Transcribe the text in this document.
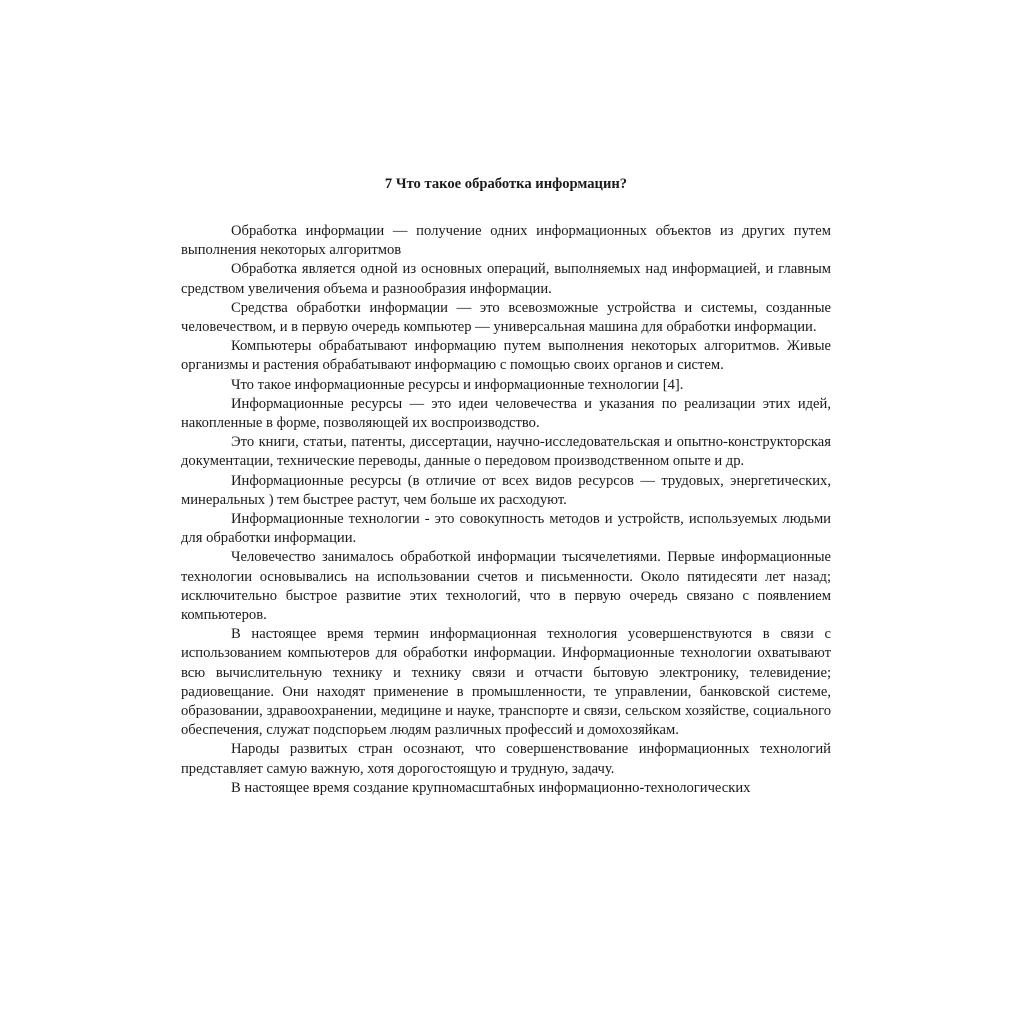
7 Что такое обработка информацин?

Обработка информации — получение одних информационных объектов из других путем выполнения некоторых алгоритмов

Обработка является одной из основных операций, выполняемых над информацией, и главным средством увеличения объема и разнообразия информации.

Средства обработки информации — это всевозможные устройства и системы, созданные человечеством, и в первую очередь компьютер — универсальная машина для обработки информации.

Компьютеры обрабатывают информацию путем выполнения некоторых алгоритмов. Живые организмы и растения обрабатывают информацию с помощью своих органов и систем.

Что такое информационные ресурсы и информационные технологии [4].

Информационные ресурсы — это идеи человечества и указания по реализации этих идей, накопленные в форме, позволяющей их воспроизводство.

Это книги, статьи, патенты, диссертации, научно-исследовательская и опытно-конструкторская документации, технические переводы, данные о передовом производственном опыте и др.

Информационные ресурсы (в отличие от всех видов ресурсов — трудовых, энергетических, минеральных ) тем быстрее растут, чем больше их расходуют.

Информационные технологии - это совокупность методов и устройств, используемых людьми для обработки информации.

Человечество занималось обработкой информации тысячелетиями. Первые информационные технологии основывались на использовании счетов и письменности. Около пятидесяти лет назад; исключительно быстрое развитие этих технологий, что в первую очередь связано с появлением компьютеров.

В настоящее время термин информационная технология усовершенствуются в связи с использованием компьютеров для обработки информации. Информационные технологии охватывают всю вычислительную технику и технику связи и отчасти бытовую электронику, телевидение; радиовещание. Они находят применение в промышленности, те управлении, банковской системе, образовании, здравоохранении, медицине и науке, транспорте и связи, сельском хозяйстве, социального обеспечения, служат подспорьем людям различных профессий и домохозяйкам.

Народы развитых стран осознают, что совершенствование информационных технологий представляет самую важную, хотя дорогостоящую и трудную, задачу.

В настоящее время создание крупномасштабных информационно-технологических
